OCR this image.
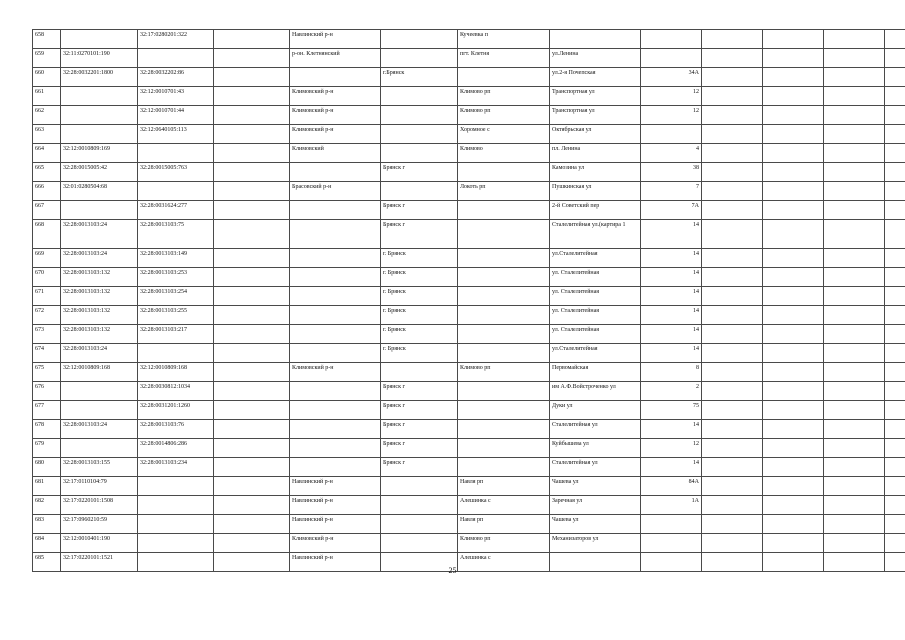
658		32:17:0280201:322		Навлинский р-н		Кучеевка п						
659	32:11:0270101:190			р-он. Клетнянский		пгт. Клетня	ул.Ленина					
660	32:28:0032201:1800	32:28:0032202:86			г.Брянск		ул.2-я Почепская	34А				
661		32:12:0010701:43		Климовский р-н		Климово рп	Транспортная ул	12				
662		32:12:0010701:44		Климовский р-н		Климово рп	Транспортная ул	12				
663		32:12:0640105:113		Климовский р-н		Хоромное с	Октябрьская ул					
664	32:12:0010809:169			Климовский		Климово	пл. Ленина	4				
665	32:28:0015005:42	32:28:0015005:763			Брянск г		Камозина ул	38				
666	32:01:0280504:68			Брасовский р-н		Локоть рп	Пушкинская ул	7				
667		32:28:0031624:277			Брянск г		2-й Советский пер	7А				
668	32:28:0013103:24	32:28:0013103:75			Брянск г		Сталелитейная ул.(картира 1	14				
669	32:28:0013103:24	32:28:0013103:149			г. Брянск		ул.Сталелитейная	14				
670	32:28:0013103:132	32:28:0013103:253			г. Брянск		ул. Сталелитейная	14				
671	32:28:0013103:132	32:28:0013103:254			г. Брянск		ул. Сталелитейная	14				
672	32:28:0013103:132	32:28:0013103:255			г. Брянск		ул. Сталелитейная	14				
673	32:28:0013103:132	32:28:0013103:217			г. Брянск		ул. Сталелитейная	14				
674	32:28:0013103:24				г. Брянск		ул.Сталелитейная	14				
675	32:12:0010809:168	32:12:0010809:168		Климовский р-н		Климово рп	Первомайская	8				
676		32:28:0030812:1034			Брянск г		им А.Ф.Войстроченко ул	2				
677		32:28:0031201:1260			Брянск г		Дуки ул	75				
678	32:28:0013103:24	32:28:0013103:76			Брянск г		Сталелитейная ул	14				
679		32:28:0014806:286			Брянск г		Куйбышева ул	12				
680	32:28:0013103:155	32:28:0013103:234			Брянск г		Сталелитейная ул	14				
681	32:17:0110104:79			Навлинский р-н		Навля рп	Чашева ул	84А				
682	32:17:0220101:1508			Навлинский р-н		Алешинка с	Заречная ул	1А				
683	32:17:0960210:59			Навлинский р-н		Навля рп	Чашева ул					
684	32:12:0010401:190			Климовский р-н		Климово рп	Механизаторов ул					
685	32:17:0220101:1521			Навлинский р-н		Алешинка с						
25
